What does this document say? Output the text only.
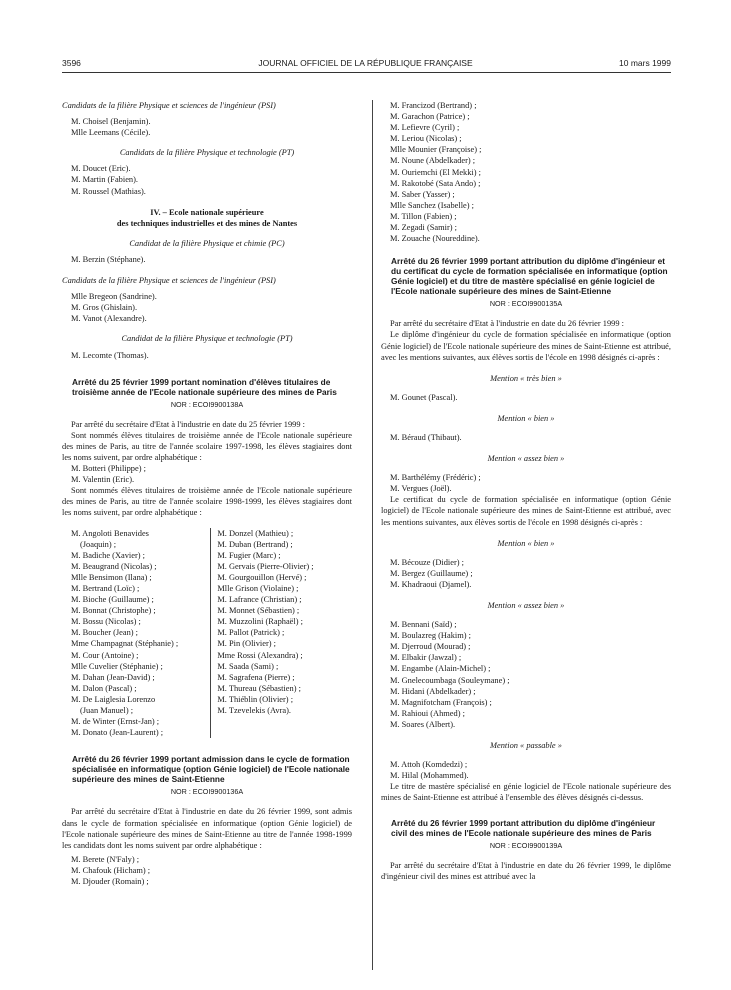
3596	JOURNAL OFFICIEL DE LA RÉPUBLIQUE FRANÇAISE	10 mars 1999

Candidats de la filière Physique et sciences de l'ingénieur (PSI)

M. Choisel (Benjamin).

Mlle Leemans (Cécile).

Candidats de la filière Physique et technologie (PT)

M. Doucet (Eric).

M. Martin (Fabien).

M. Roussel (Mathias).

IV. – Ecole nationale supérieure

des techniques industrielles et des mines de Nantes

Candidat de la filière Physique et chimie (PC)

M. Berzin (Stéphane).

Candidats de la filière Physique et sciences de l'ingénieur (PSI)

Mlle Bregeon (Sandrine).

M. Gros (Ghislain).

M. Vanot (Alexandre).

Candidat de la filière Physique et technologie (PT)

M. Lecomte (Thomas).

Arrêté du 25 février 1999 portant nomination d'élèves titulaires de troisième année de l'Ecole nationale supérieure des mines de Paris

NOR : ECOI9900138A

Par arrêté du secrétaire d'Etat à l'industrie en date du 25 février 1999 :

Sont nommés élèves titulaires de troisième année de l'Ecole nationale supérieure des mines de Paris, au titre de l'année scolaire 1997-1998, les élèves stagiaires dont les noms suivent, par ordre alphabétique :

M. Botteri (Philippe) ;

M. Valentin (Eric).

Sont nommés élèves titulaires de troisième année de l'Ecole nationale supérieure des mines de Paris, au titre de l'année scolaire 1998-1999, les élèves stagiaires dont les noms suivent, par ordre alphabétique :

M. Angoloti Benavides

(Joaquin) ;

M. Badiche (Xavier) ;

M. Beaugrand (Nicolas) ;

Mlle Bensimon (Ilana) ;

M. Bertrand (Loïc) ;

M. Bioche (Guillaume) ;

M. Bonnat (Christophe) ;

M. Bossu (Nicolas) ;

M. Boucher (Jean) ;

Mme Champagnat (Stéphanie) ;

M. Cour (Antoine) ;

Mlle Cuvelier (Stéphanie) ;

M. Dahan (Jean-David) ;

M. Dalon (Pascal) ;

M. De Laiglesia Lorenzo

(Juan Manuel) ;

M. de Winter (Ernst-Jan) ;

M. Donato (Jean-Laurent) ;

M. Donzel (Mathieu) ;

M. Duban (Bertrand) ;

M. Fugier (Marc) ;

M. Gervais (Pierre-Olivier) ;

M. Gourgouillon (Hervé) ;

Mlle Grison (Violaine) ;

M. Lafrance (Christian) ;

M. Monnet (Sébastien) ;

M. Muzzolini (Raphaël) ;

M. Pallot (Patrick) ;

M. Pin (Olivier) ;

Mme Rossi (Alexandra) ;

M. Saada (Sami) ;

M. Sagrafena (Pierre) ;

M. Thureau (Sébastien) ;

M. Thiéblin (Olivier) ;

M. Tzevelekis (Avra).

Arrêté du 26 février 1999 portant admission dans le cycle de formation spécialisée en informatique (option Génie logiciel) de l'Ecole nationale supérieure des mines de Saint-Etienne

NOR : ECOI9900136A

Par arrêté du secrétaire d'Etat à l'industrie en date du 26 février 1999, sont admis dans le cycle de formation spécialisée en informatique (option Génie logiciel) de l'Ecole nationale supérieure des mines de Saint-Etienne au titre de l'année 1998-1999 les candidats dont les noms suivent par ordre alphabétique :

M. Berete (N'Faly) ;

M. Chafouk (Hicham) ;

M. Djouder (Romain) ;

M. Francizod (Bertrand) ;

M. Garachon (Patrice) ;

M. Lefievre (Cyril) ;

M. Leriou (Nicolas) ;

Mlle Mounier (Françoise) ;

M. Noune (Abdelkader) ;

M. Ouriemchi (El Mekki) ;

M. Rakotobé (Sata Ando) ;

M. Saber (Yasser) ;

Mlle Sanchez (Isabelle) ;

M. Tillon (Fabien) ;

M. Zegadi (Samir) ;

M. Zouache (Noureddine).

Arrêté du 26 février 1999 portant attribution du diplôme d'ingénieur et du certificat du cycle de formation spécialisée en informatique (option Génie logiciel) et du titre de mastère spécialisé en génie logiciel de l'Ecole nationale supérieure des mines de Saint-Etienne

NOR : ECOI9900135A

Par arrêté du secrétaire d'Etat à l'industrie en date du 26 février 1999 :

Le diplôme d'ingénieur du cycle de formation spécialisée en informatique (option Génie logiciel) de l'Ecole nationale supérieure des mines de Saint-Etienne est attribué, avec les mentions suivantes, aux élèves sortis de l'école en 1998 désignés ci-après :

Mention « très bien »

M. Gounet (Pascal).

Mention « bien »

M. Béraud (Thibaut).

Mention « assez bien »

M. Barthélémy (Frédéric) ;

M. Vergues (Joël).

Le certificat du cycle de formation spécialisée en informatique (option Génie logiciel) de l'Ecole nationale supérieure des mines de Saint-Etienne est attribué, avec les mentions suivantes, aux élèves sortis de l'école en 1998 désignés ci-après :

Mention « bien »

M. Bécouze (Didier) ;

M. Bergez (Guillaume) ;

M. Khadraoui (Djamel).

Mention « assez bien »

M. Bennani (Saïd) ;

M. Boulazreg (Hakim) ;

M. Djerroud (Mourad) ;

M. Elbakir (Jawzal) ;

M. Engambe (Alain-Michel) ;

M. Gnelecoumbaga (Souleymane) ;

M. Hidani (Abdelkader) ;

M. Magnifotcham (François) ;

M. Rahioui (Ahmed) ;

M. Soares (Albert).

Mention « passable »

M. Attoh (Komdedzi) ;

M. Hilal (Mohammed).

Le titre de mastère spécialisé en génie logiciel de l'Ecole nationale supérieure des mines de Saint-Etienne est attribué à l'ensemble des élèves désignés ci-dessus.

Arrêté du 26 février 1999 portant attribution du diplôme d'ingénieur civil des mines de l'Ecole nationale supérieure des mines de Paris

NOR : ECOI9900139A

Par arrêté du secrétaire d'Etat à l'industrie en date du 26 février 1999, le diplôme d'ingénieur civil des mines est attribué avec la
